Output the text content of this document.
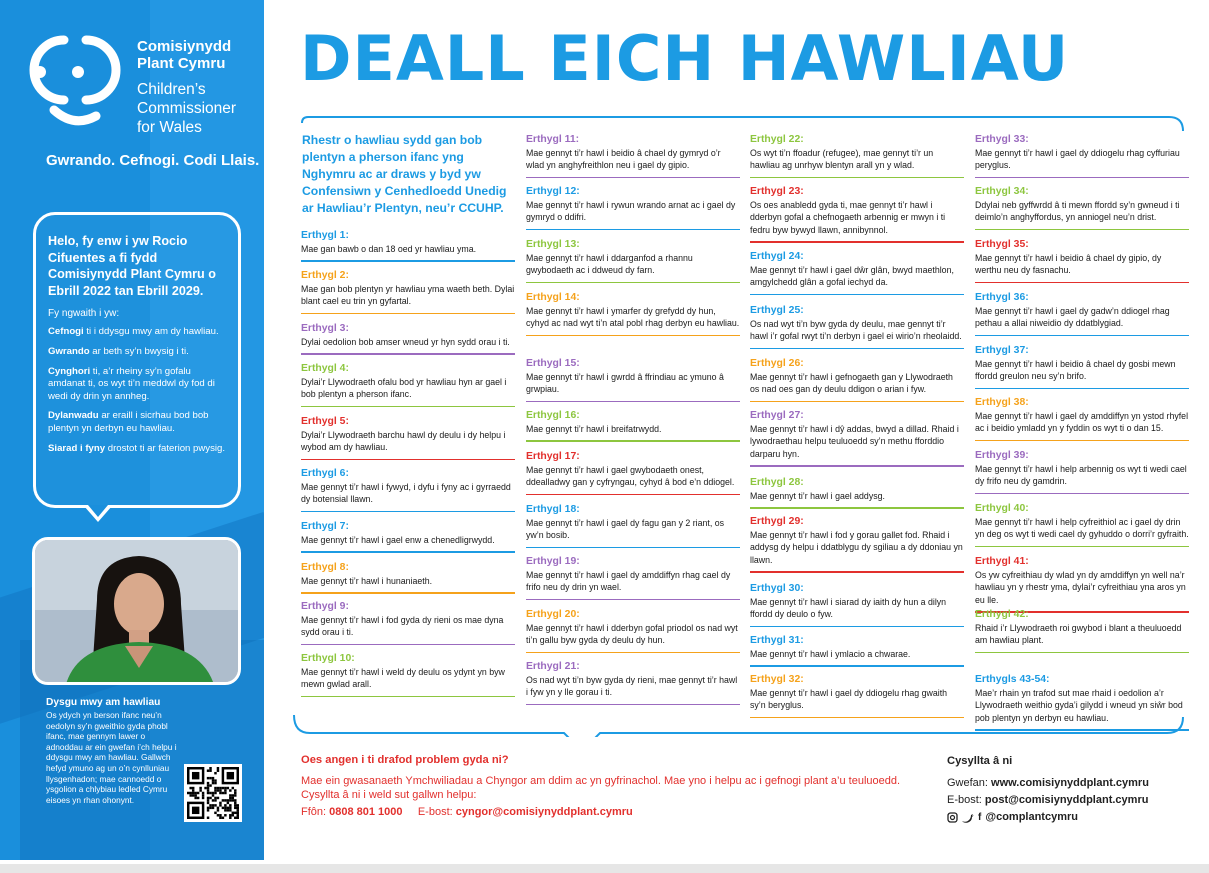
Comisiynydd
Plant Cymru
Children’s
Commissioner
for Wales
Gwrando. Cefnogi. Codi Llais.
Helo, fy enw i yw Rocio Cifuentes a fi fydd Comisiynydd Plant Cymru o Ebrill 2022 tan Ebrill 2029.
Fy ngwaith i yw:

Cefnogi ti i ddysgu mwy am dy hawliau.

Gwrando ar beth sy’n bwysig i ti.

Cynghori ti, a’r rheiny sy’n gofalu amdanat ti, os wyt ti’n meddwl dy fod di wedi dy drin yn annheg.

Dylanwadu ar eraill i sicrhau bod bob plentyn yn derbyn eu hawliau.

Siarad i fyny drostot ti ar faterion pwysig.

Dysgu mwy am hawliau
Os ydych yn berson ifanc neu’n oedolyn sy’n gweithio gyda phobl ifanc, mae gennym lawer o adnoddau ar ein gwefan i’ch helpu i ddysgu mwy am hawliau. Gallwch hefyd ymuno ag un o’n cynlluniau llysgenhadon; mae cannoedd o ysgolion a chlybiau ledled Cymru eisoes yn rhan ohonynt.
DEALL EICH HAWLIAU
Rhestr o hawliau sydd gan bob plentyn a pherson ifanc yng Nghymru ac ar draws y byd yw Confensiwn y Cenhedloedd Unedig ar Hawliau’r Plentyn, neu’r CCUHP.
Erthygl 1:
Mae gan bawb o dan 18 oed yr hawliau yma.
Erthygl 2:
Mae gan bob plentyn yr hawliau yma waeth beth. Dylai blant cael eu trin yn gyfartal.
Erthygl 3:
Dylai oedolion bob amser wneud yr hyn sydd orau i ti.
Erthygl 4:
Dylai’r Llywodraeth ofalu bod yr hawliau hyn ar gael i bob plentyn a pherson ifanc.
Erthygl 5:
Dylai’r Llywodraeth barchu hawl dy deulu i dy helpu i wybod am dy hawliau.
Erthygl 6:
Mae gennyt ti’r hawl i fywyd, i dyfu i fyny ac i gyrraedd dy botensial llawn.
Erthygl 7:
Mae gennyt ti’r hawl i gael enw a chenedligrwydd.
Erthygl 8:
Mae gennyt ti’r hawl i hunaniaeth.
Erthygl 9:
Mae gennyt ti’r hawl i fod gyda dy rieni os mae dyna sydd orau i ti.
Erthygl 10:
Mae gennyt ti’r hawl i weld dy deulu os ydynt yn byw mewn gwlad arall.
Erthygl 11:
Mae gennyt ti’r hawl i beidio â chael dy gymryd o’r wlad yn anghyfreithlon neu i gael dy gipio.
Erthygl 12:
Mae gennyt ti’r hawl i rywun wrando arnat ac i gael dy gymryd o ddifri.
Erthygl 13:
Mae gennyt ti’r hawl i ddarganfod a rhannu gwybodaeth ac i ddweud dy farn.
Erthygl 14:
Mae gennyt ti’r hawl i ymarfer dy grefydd dy hun, cyhyd ac nad wyt ti’n atal pobl rhag derbyn eu hawliau.
Erthygl 15:
Mae gennyt ti’r hawl i gwrdd â ffrindiau ac ymuno â grwpiau.
Erthygl 16:
Mae gennyt ti’r hawl i breifatrwydd.
Erthygl 17:
Mae gennyt ti’r hawl i gael gwybodaeth onest, ddealladwy gan y cyfryngau, cyhyd â bod e’n ddiogel.
Erthygl 18:
Mae gennyt ti’r hawl i gael dy fagu gan y 2 riant, os yw’n bosib.
Erthygl 19:
Mae gennyt ti’r hawl i gael dy amddiffyn rhag cael dy frifo neu dy drin yn wael.
Erthygl 20:
Mae gennyt ti’r hawl i dderbyn gofal priodol os nad wyt ti’n gallu byw gyda dy deulu dy hun.
Erthygl 21:
Os nad wyt ti’n byw gyda dy rieni, mae gennyt ti’r hawl i fyw yn y lle gorau i ti.
Erthygl 22:
Os wyt ti’n ffoadur (refugee), mae gennyt ti’r un hawliau ag unrhyw blentyn arall yn y wlad.
Erthygl 23:
Os oes anabledd gyda ti, mae gennyt ti’r hawl i dderbyn gofal a chefnogaeth arbennig er mwyn i ti fedru byw bywyd llawn, annibynnol.
Erthygl 24:
Mae gennyt ti’r hawl i gael dŵr glân, bwyd maethlon, amgylchedd glân a gofal iechyd da.
Erthygl 25:
Os nad wyt ti’n byw gyda dy deulu, mae gennyt ti’r hawl i’r gofal rwyt ti’n derbyn i gael ei wirio’n rheolaidd.
Erthygl 26:
Mae gennyt ti’r hawl i gefnogaeth gan y Llywodraeth os nad oes gan dy deulu ddigon o arian i fyw.
Erthygl 27:
Mae gennyt ti’r hawl i dŷ addas, bwyd a dillad. Rhaid i lywodraethau helpu teuluoedd sy’n methu fforddio darparu hyn.
Erthygl 28:
Mae gennyt ti’r hawl i gael addysg.
Erthygl 29:
Mae gennyt ti’r hawl i fod y gorau gallet fod. Rhaid i addysg dy helpu i ddatblygu dy sgiliau a dy ddoniau yn llawn.
Erthygl 30:
Mae gennyt ti’r hawl i siarad dy iaith dy hun a dilyn ffordd dy deulo o fyw.
Erthygl 31:
Mae gennyt ti’r hawl i ymlacio a chwarae.
Erthygl 32:
Mae gennyt ti’r hawl i gael dy ddiogelu rhag gwaith sy’n beryglus.
Erthygl 33:
Mae gennyt ti’r hawl i gael dy ddiogelu rhag cyffuriau peryglus.
Erthygl 34:
Ddylai neb gyffwrdd â ti mewn ffordd sy’n gwneud i ti deimlo’n anghyffordus, yn anniogel neu’n drist.
Erthygl 35:
Mae gennyt ti’r hawl i beidio â chael dy gipio, dy werthu neu dy fasnachu.
Erthygl 36:
Mae gennyt ti’r hawl i gael dy gadw’n ddiogel rhag pethau a allai niweidio dy ddatblygiad.
Erthygl 37:
Mae gennyt ti’r hawl i beidio â chael dy gosbi mewn ffordd greulon neu sy’n brifo.
Erthygl 38:
Mae gennyt ti’r hawl i gael dy amddiffyn yn ystod rhyfel ac i beidio ymladd yn y fyddin os wyt ti o dan 15.
Erthygl 39:
Mae gennyt ti’r hawl i help arbennig os wyt ti wedi cael dy frifo neu dy gamdrin.
Erthygl 40:
Mae gennyt ti’r hawl i help cyfreithiol ac i gael dy drin yn deg os wyt ti wedi cael dy gyhuddo o dorri’r gyfraith.
Erthygl 41:
Os yw cyfreithiau dy wlad yn dy amddiffyn yn well na’r hawliau yn y rhestr yma, dylai’r cyfreithiau yna aros yn eu lle.
Erthygl 42:
Rhaid i’r Llywodraeth roi gwybod i blant a theuluoedd am hawliau plant.
Erthygls 43-54:
Mae’r rhain yn trafod sut mae rhaid i oedolion a’r Llywodraeth weithio gyda’i gilydd i wneud yn siŵr bod pob plentyn yn derbyn eu hawliau.
Oes angen i ti drafod problem gyda ni?
Mae ein gwasanaeth Ymchwiliadau a Chyngor am ddim ac yn gyfrinachol. Mae yno i helpu ac i gefnogi plant a’u teuluoedd.
Cysyllta â ni i weld sut gallwn helpu:
Ffôn: 0808 801 1000 E-bost: cyngor@comisiynyddplant.cymru
Cysyllta â ni
Gwefan: www.comisiynyddplant.cymru
E-bost: post@comisiynyddplant.cymru
f @complantcymru
